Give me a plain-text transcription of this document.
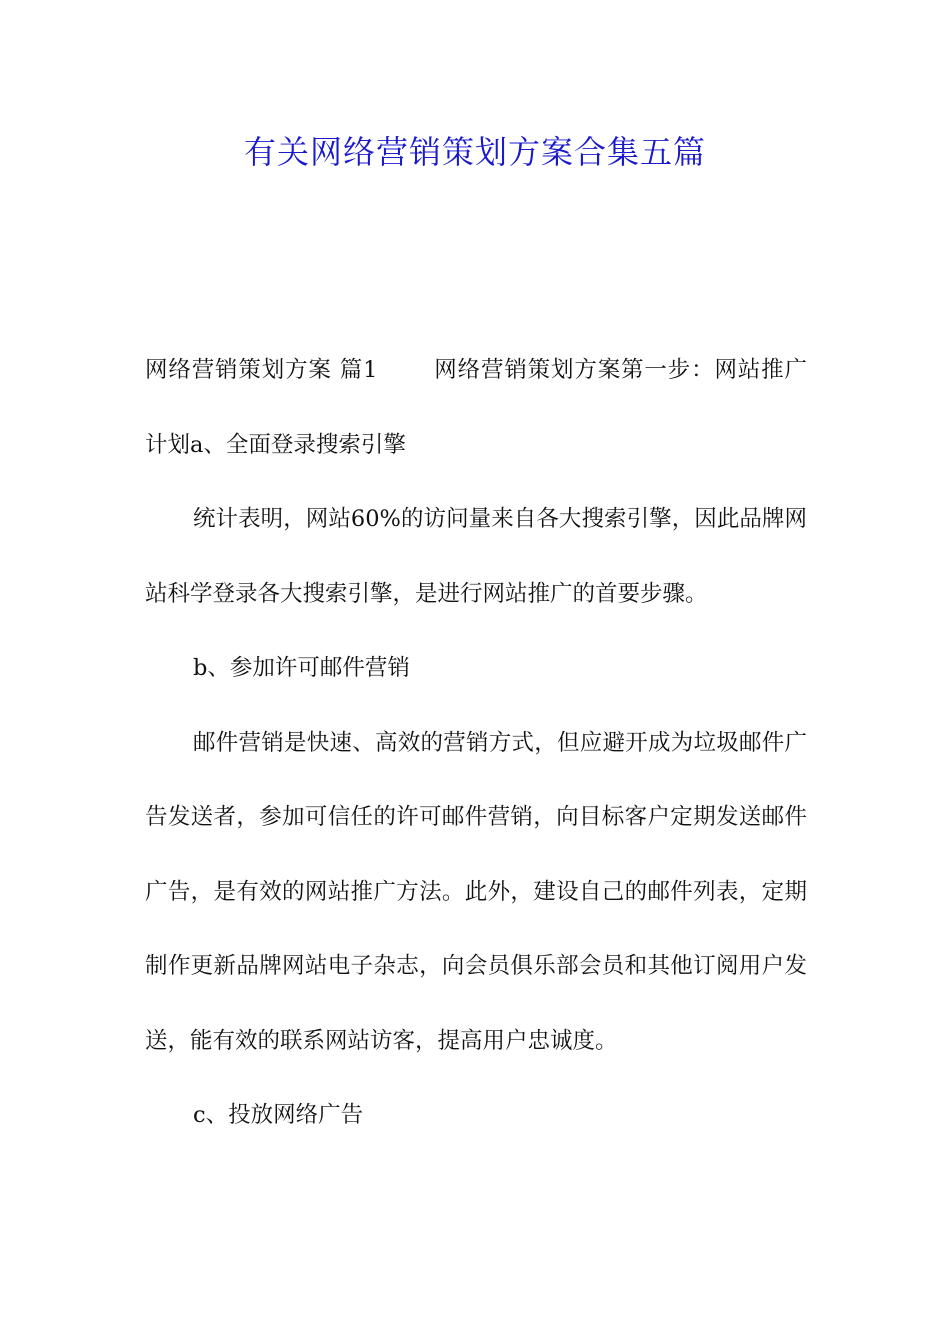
有关网络营销策划方案合集五篇

网络营销策划方案 篇1 网络营销策划方案第一步：网站推广计划a、全面登录搜索引擎

统计表明，网站60%的访问量来自各大搜索引擎，因此品牌网站科学登录各大搜索引擎，是进行网站推广的首要步骤。

b、参加许可邮件营销

邮件营销是快速、高效的营销方式，但应避开成为垃圾邮件广告发送者，参加可信任的许可邮件营销，向目标客户定期发送邮件广告，是有效的网站推广方法。此外，建设自己的邮件列表，定期制作更新品牌网站电子杂志，向会员俱乐部会员和其他订阅用户发送，能有效的联系网站访客，提高用户忠诚度。

c、投放网络广告
